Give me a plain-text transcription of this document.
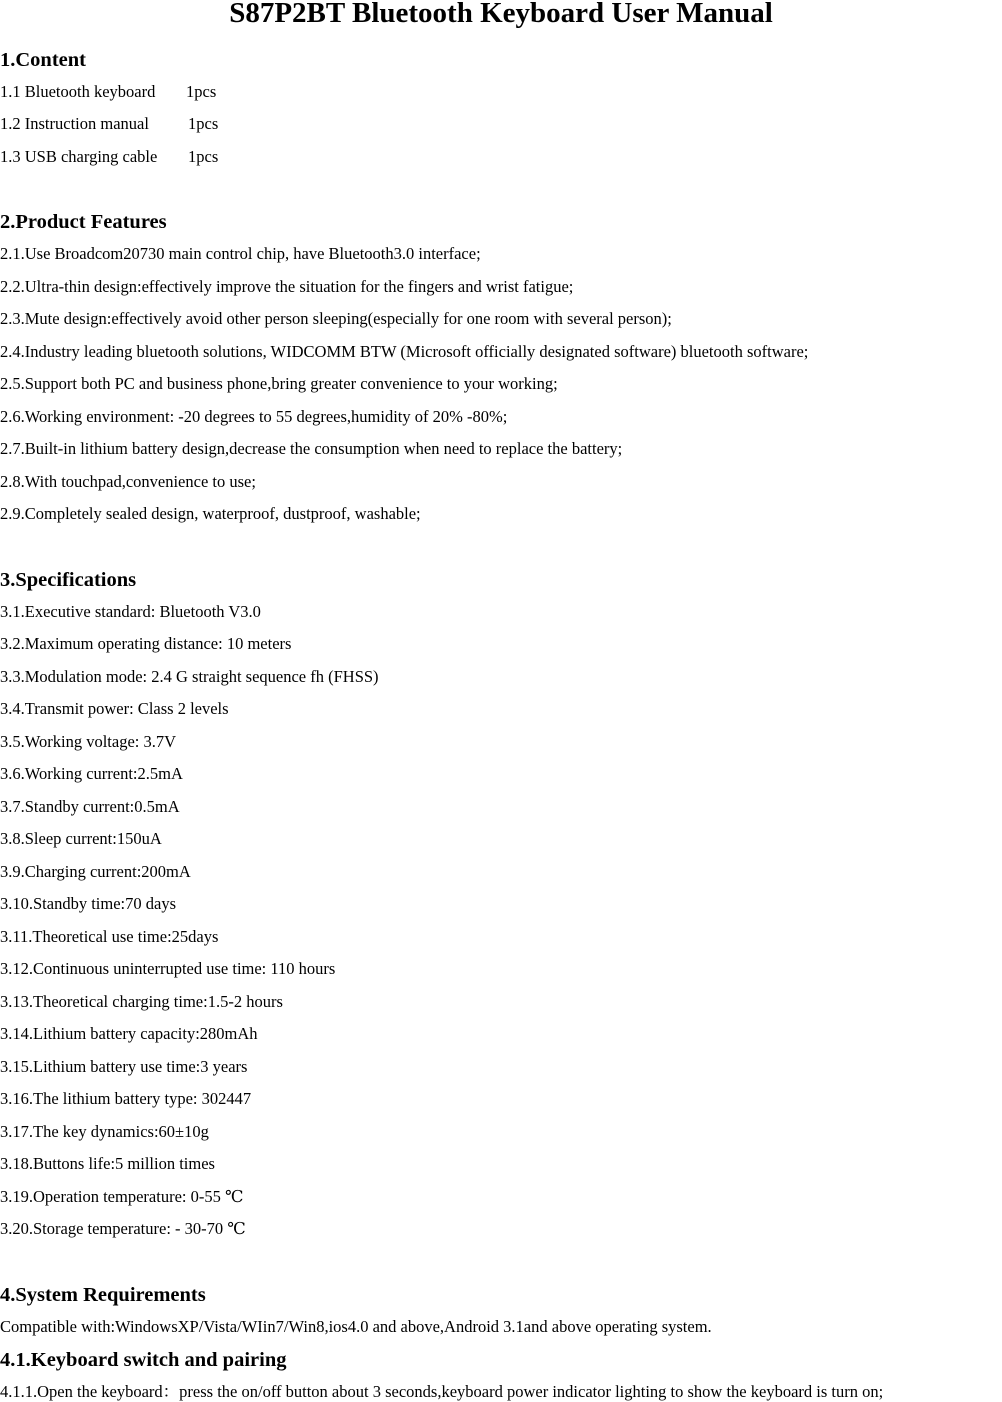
S87P2BT Bluetooth Keyboard User Manual
1.Content
1.1 Bluetooth keyboard 1pcs
1.2 Instruction manual 1pcs
1.3 USB charging cable 1pcs
2.Product Features
2.1.Use Broadcom20730 main control chip, have Bluetooth3.0 interface;
2.2.Ultra-thin design:effectively improve the situation for the fingers and wrist fatigue;
2.3.Mute design:effectively avoid other person sleeping(especially for one room with several person);
2.4.Industry leading bluetooth solutions, WIDCOMM BTW (Microsoft officially designated software) bluetooth software;
2.5.Support both PC and business phone,bring greater convenience to your working;
2.6.Working environment: -20 degrees to 55 degrees,humidity of 20% -80%;
2.7.Built-in lithium battery design,decrease the consumption when need to replace the battery;
2.8.With touchpad,convenience to use;
2.9.Completely sealed design, waterproof, dustproof, washable;
3.Specifications
3.1.Executive standard: Bluetooth V3.0
3.2.Maximum operating distance: 10 meters
3.3.Modulation mode: 2.4 G straight sequence fh (FHSS)
3.4.Transmit power: Class 2 levels
3.5.Working voltage: 3.7V
3.6.Working current:2.5mA
3.7.Standby current:0.5mA
3.8.Sleep current:150uA
3.9.Charging current:200mA
3.10.Standby time:70 days
3.11.Theoretical use time:25days
3.12.Continuous uninterrupted use time: 110 hours
3.13.Theoretical charging time:1.5-2 hours
3.14.Lithium battery capacity:280mAh
3.15.Lithium battery use time:3 years
3.16.The lithium battery type: 302447
3.17.The key dynamics:60±10g
3.18.Buttons life:5 million times
3.19.Operation temperature: 0-55 ℃
3.20.Storage temperature: - 30-70 ℃
4.System Requirements
Compatible with:WindowsXP/Vista/WIin7/Win8,ios4.0 and above,Android 3.1and above operating system.
4.1.Keyboard switch and pairing
4.1.1.Open the keyboard：press the on/off button about 3 seconds,keyboard power indicator lighting to show the keyboard is turn on;
